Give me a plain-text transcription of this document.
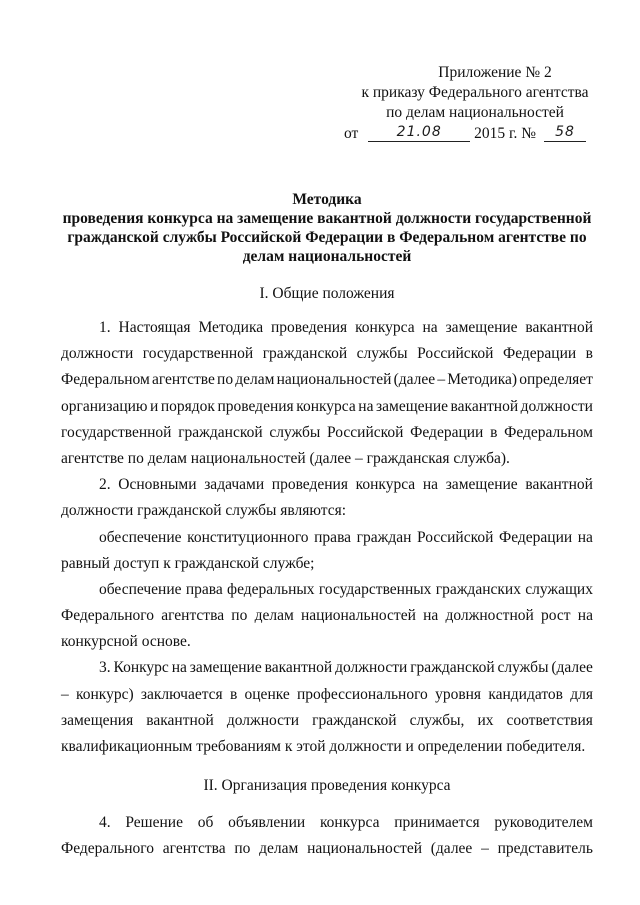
Приложение № 2
к приказу Федерального агентства
по делам национальностей
от	21.08 2015 г. № 58
Методика
проведения конкурса на замещение вакантной должности государственной
гражданской службы Российской Федерации в Федеральном агентстве по
делам национальностей
I. Общие положения
1. Настоящая Методика проведения конкурса на замещение вакантной
должности государственной гражданской службы Российской Федерации в
Федеральном агентстве по делам национальностей (далее – Методика) определяет
организацию и порядок проведения конкурса на замещение вакантной должности
государственной гражданской службы Российской Федерации в Федеральном
агентстве по делам национальностей (далее – гражданская служба).
2. Основными задачами проведения конкурса на замещение вакантной
должности гражданской службы являются:
обеспечение конституционного права граждан Российской Федерации на
равный доступ к гражданской службе;
обеспечение права федеральных государственных гражданских служащих
Федерального агентства по делам национальностей на должностной рост на
конкурсной основе.
3. Конкурс на замещение вакантной должности гражданской службы (далее
– конкурс) заключается в оценке профессионального уровня кандидатов для
замещения вакантной должности гражданской службы, их соответствия
квалификационным требованиям к этой должности и определении победителя.
II. Организация проведения конкурса
4. Решение об объявлении конкурса принимается руководителем
Федерального агентства по делам национальностей (далее – представитель
